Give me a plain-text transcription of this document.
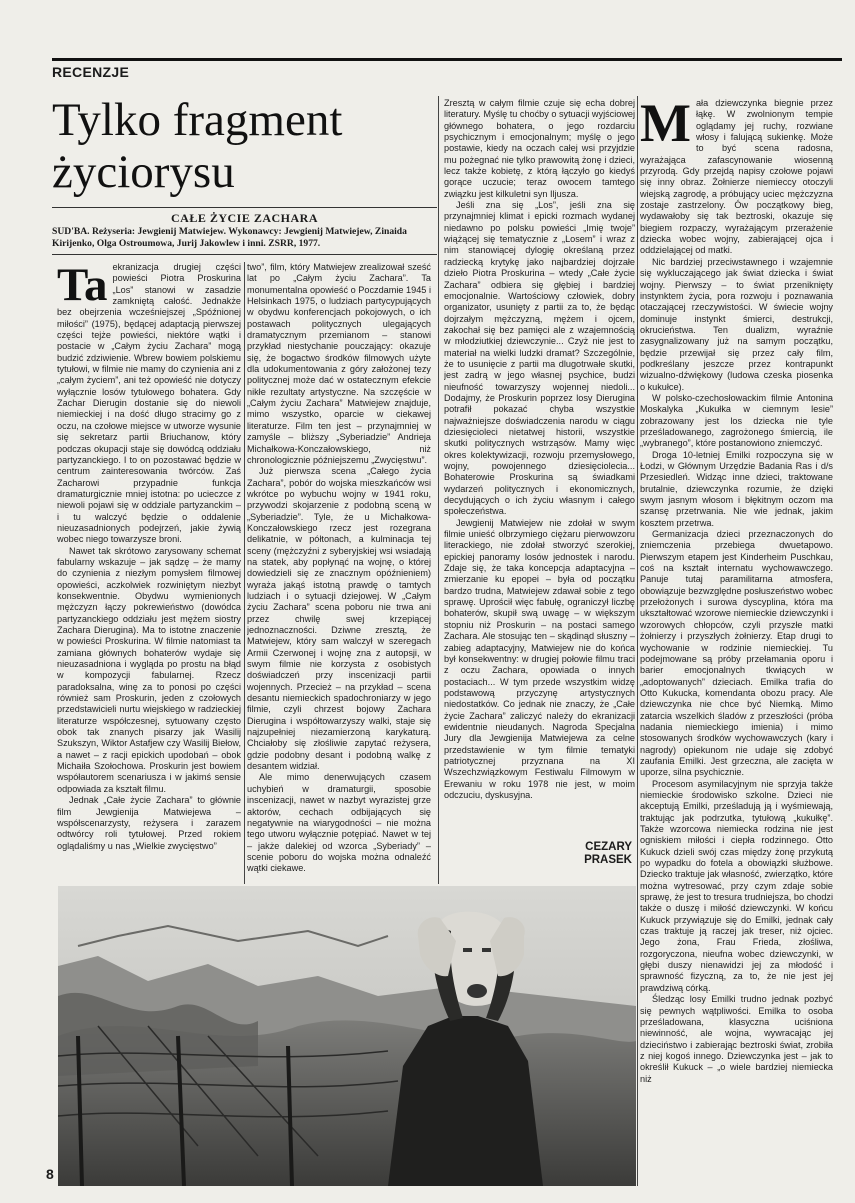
RECENZJE
Tylko fragment
życiorysu
CAŁE ŻYCIE ZACHARA
SUD'BA. Reżyseria: Jewgienij Matwiejew. Wykonawcy: Jewgienij Matwiejew, Zinaida Kirijenko, Olga Ostroumowa, Jurij Jakowlew i inni. ZSRR, 1977.
Ta ekranizacja drugiej części powieści Piotra Proskurina „Los” stanowi w zasadzie zamkniętą całość. Jednakże bez obejrzenia wcześniejszej „Spóźnionej miłości” (1975), będącej adaptacją pierwszej części tejże powieści, niektóre wątki i postacie w „Całym życiu Zachara” mogą budzić zdziwienie. Wbrew bowiem polskiemu tytułowi, w filmie nie mamy do czynienia ani z „całym życiem”, ani też opowieść nie dotyczy wyłącznie losów tytułowego bohatera. Gdy Zachar Dierugin dostanie się do niewoli niemieckiej i na dość długo stracimy go z oczu, na czołowe miejsce w utworze wysunie się sekretarz partii Briuchanow, który podczas okupacji staje się dowódcą oddziału partyzanckiego. I to on pozostawać będzie w centrum zainteresowania twórców. Zaś Zacharowi przypadnie funkcja dramaturgicznie mniej istotna: po ucieczce z niewoli pojawi się w oddziale partyzanckim – i tu walczyć będzie o oddalenie nieuzasadnionych podejrzeń, jakie żywią wobec niego towarzysze broni.

Nawet tak skrótowo zarysowany schemat fabularny wskazuje – jak sądzę – że mamy do czynienia z niezłym pomysłem filmowej opowieści, aczkolwiek rozwiniętym niezbyt konsekwentnie. Obydwu wymienionych mężczyzn łączy pokrewieństwo (dowódca partyzanckiego oddziału jest mężem siostry Zachara Dierugina). Ma to istotne znaczenie w powieści Proskurina. W filmie natomiast ta zamiana głównych bohaterów wydaje się nieuzasadniona i wygląda po prostu na błąd w kompozycji fabularnej. Rzecz paradoksalna, winę za to ponosi po części również sam Proskurin, jeden z czołowych przedstawicieli nurtu wiejskiego w radzieckiej literaturze współczesnej, sytuowany często obok tak znanych pisarzy jak Wasilij Szukszyn, Wiktor Astafjew czy Wasilij Biełow, a nawet – z racji epickich upodobań – obok Michaiła Szołochowa. Proskurin jest bowiem współautorem scenariusza i w jakimś sensie odpowiada za kształt filmu.

Jednak „Całe życie Zachara” to głównie film Jewgienija Matwiejewa – współscenarzysty, reżysera i zarazem odtwórcy roli tytułowej. Przed rokiem oglądaliśmy u nas „Wielkie zwycięstwo”

two”, film, który Matwiejew zrealizował sześć lat po „Całym życiu Zachara”. Ta monumentalna opowieść o Poczdamie 1945 i Helsinkach 1975, o ludziach partycypujących w obydwu konferencjach pokojowych, o ich postawach politycznych ulegających dramatycznym przemianom – stanowi przykład niestychanie pouczający: okazuje się, że bogactwo środków filmowych użyte dla udokumentowania z góry założonej tezy politycznej może dać w ostatecznym efekcie nikłe rezultaty artystyczne. Na szczęście w „Całym życiu Zachara” Matwiejew znajduje, mimo wszystko, oparcie w ciekawej literaturze. Film ten jest – przynajmniej w zamyśle – bliższy „Syberiadzie” Andrieja Michałkowa-Konczałowskiego, niż chronologicznie późniejszemu „Zwycięstwu”.

Już pierwsza scena „Całego życia Zachara”, pobór do wojska mieszkańców wsi wkrótce po wybuchu wojny w 1941 roku, przywodzi skojarzenie z podobną sceną w „Syberiadzie”. Tyle, że u Michałkowa-Konczałowskiego rzecz jest rozegrana delikatnie, w półtonach, a kulminacja tej sceny (mężczyźni z syberyjskiej wsi wsiadają na statek, aby popłynąć na wojnę, o której dowiedzieli się ze znacznym opóźnieniem) wyraża jakąś istotną prawdę o tamtych ludziach i o sytuacji dziejowej. W „Całym życiu Zachara” scena poboru nie trwa ani przez chwilę swej krzepiącej jednoznaczności. Dziwne zresztą, że Matwiejew, który sam walczył w szeregach Armii Czerwonej i wojnę zna z autopsji, w swym filmie nie korzysta z osobistych doświadczeń przy inscenizacji partii wojennych. Przecież – na przykład – scena desantu niemieckich spadochroniarzy w jego filmie, czyli chrzest bojowy Zachara Dierugina i współtowarzyszy walki, staje się najzupełniej niezamierzoną karykaturą. Chciałoby się złośliwie zapytać reżysera, gdzie podobny desant i podobną walkę z desantem widział.

Ale mimo denerwujących czasem uchybień w dramaturgii, sposobie inscenizacji, nawet w nazbyt wyrazistej grze aktorów, cechach odbijających się negatywnie na wiarygodności – nie można tego utworu wyłącznie potępiać. Nawet w tej – jakże dalekiej od wzorca „Syberiady” – scenie poboru do wojska można odnaleźć wątki ciekawe.

Zresztą w całym filmie czuje się echa dobrej literatury. Myślę tu choćby o sytuacji wyjściowej głównego bohatera, o jego rozdarciu psychicznym i emocjonalnym; myślę o jego postawie, kiedy na oczach całej wsi przyjdzie mu pożegnać nie tylko prawowitą żonę i dzieci, lecz także kobietę, z którą łączyło go kiedyś gorące uczucie; teraz owocem tamtego związku jest kilkuletni syn Iljusza.

Jeśli zna się „Los”, jeśli zna się przynajmniej klimat i epicki rozmach wydanej niedawno po polsku powieści „Imię twoje” wiążącej się tematycznie z „Losem” i wraz z nim stanowiącej dylogię określaną przez radziecką krytykę jako najbardziej dojrzałe dzieło Piotra Proskurina – wtedy „Całe życie Zachara” odbiera się głębiej i bardziej emocjonalnie. Wartościowy człowiek, dobry organizator, usunięty z partii za to, że będąc dojrzałym mężczyzną, mężem i ojcem, zakochał się bez pamięci ale z wzajemnością w młodziutkiej dziewczynie... Czyż nie jest to materiał na wielki ludzki dramat? Szczególnie, że to usunięcie z partii ma dlugotrwałe skutki, jest zadrą w jego własnej psychice, budzi nieufność towarzyszy wojennej niedoli... Dodajmy, że Proskurin poprzez losy Dierugina potrafił pokazać chyba wszystkie najważniejsze doświadczenia narodu w ciągu dziesięcioleci nietatwej historii, wszystkie skutki politycznych wstrząsów. Mamy więc okres kolektywizacji, rozwoju przemysłowego, wojny, powojennego dziesięciolecia... Bohaterowie Proskurina są świadkami wydarzeń politycznych i ekonomicznych, decydujących o ich życiu własnym i całego społeczeństwa.

Jewgienij Matwiejew nie zdołał w swym filmie unieść olbrzymiego ciężaru pierwowzoru literackiego, nie zdołał stworzyć szerokiej, epickiej panoramy losów jednostek i narodu. Zdaje się, że taka koncepcja adaptacyjna – zmierzanie ku epopei – była od początku bardzo trudna, Matwiejew zdawał sobie z tego sprawę. Uprościł więc fabułę, ograniczył liczbę bohaterów, skupił swą uwagę – w większym stopniu niż Proskurin – na postaci samego Zachara. Ale stosując ten – skądinąd słuszny – zabieg adaptacyjny, Matwiejew nie do końca był konsekwentny: w drugiej połowie filmu traci z oczu Zachara, opowiada o innych postaciach... W tym przede wszystkim widzę podstawową przyczynę artystycznych niedostatków. Co jednak nie znaczy, że „Całe życie Zachara” zaliczyć należy do ekranizacji ewidentnie nieudanych. Nagroda Specjalna Jury dla Jewgienija Matwiejewa za celne przedstawienie w tym filmie tematyki patriotycznej przyznana na XI Wszechzwiązkowym Festiwalu Filmowym w Erewaniu w roku 1978 nie jest, w moim odczuciu, dyskusyjna.

CEZARY
PRASEK
M ała dziewczynka biegnie przez łąkę. W zwolnionym tempie oglądamy jej ruchy, rozwiane włosy i falującą sukienkę. Może to być scena radosna, wyrażająca zafascynowanie wiosenną przyrodą. Gdy przejdą napisy czołowe pojawi się inny obraz. Żołnierze niemieccy otoczyli wiejską zagrodę, a próbujący uciec mężczyzna zostaje zastrzelony. Ów początkowy bieg, wydawałoby się tak beztroski, okazuje się biegiem rozpaczy, wyrażającym przerażenie dziecka wobec wojny, zabierającej ojca i oddzielającej od matki.

Nic bardziej przeciwstawnego i wzajemnie się wykluczającego jak świat dziecka i świat wojny. Pierwszy – to świat przeniknięty instynktem życia, pora rozwoju i poznawania otaczającej rzeczywistości. W świecie wojny dominuje instynkt śmierci, destrukcji, okrucieństwa. Ten dualizm, wyraźnie zasygnalizowany już na samym początku, będzie przewijał się przez cały film, podkreślany jeszcze przez kontrapunkt wizualno-dźwiękowy (ludowa czeska piosenka o kukułce).

W polsko-czechosłowackim filmie Antonina Moskalyka „Kukułka w ciemnym lesie” zobrazowany jest los dziecka nie tyle prześladowanego, zagrożonego śmiercią, ile „wybranego”, które postanowiono zniemczyć.

Droga 10-letniej Emilki rozpoczyna się w Łodzi, w Głównym Urzędzie Badania Ras i d/s Przesiedleń. Widząc inne dzieci, traktowane brutalnie, dziewczynka rozumie, że dzięki swym jasnym włosom i błękitnym oczom ma szansę przetrwania. Nie wie jednak, jakim kosztem przetrwa.

Germanizacja dzieci przeznaczonych do zniemczenia przebiega dwuetapowo. Pierwszym etapem jest Kinderheim Puschkau, coś na kształt internatu wychowawczego. Panuje tutaj paramilitarna atmosfera, obowiązuje bezwzględne posłuszeństwo wobec przełożonych i surowa dyscyplina, która ma ukształtować wzorowe niemieckie dziewczynki i wzorowych chłopców, czyli przyszłe matki żołnierzy i przyszłych żołnierzy. Etap drugi to wychowanie w rodzinie niemieckiej. Tu podejmowane są próby przełamania oporu i barier emocjonalnych tkwiących w „adoptowanych” dzieciach. Emilka trafia do Otto Kukucka, komendanta obozu pracy. Ale dziewczynka nie chce być Niemką. Mimo zatarcia wszelkich śladów z przeszłości (próba nadania niemieckiego imienia) i mimo stosowanych środków wychowawczych (kary i nagrody) opiekunom nie udaje się zdobyć zaufania Emilki. Jest grzeczna, ale zacięta w uporze, silna psychicznie.

Procesom asymilacyjnym nie sprzyja także niemieckie środowisko szkolne. Dzieci nie akceptują Emilki, prześladują ją i wyśmiewają, traktując jak podrzutka, tytułową „kukułkę”. Także wzorcowa niemiecka rodzina nie jest ogniskiem miłości i ciepła rodzinnego. Otto Kukuck dzieli swój czas między żonę przykutą po wypadku do fotela a obowiązki służbowe. Dziecko traktuje jak własność, zwierzątko, które można wytresować, przy czym zdaje sobie sprawę, że jest to tresura trudniejsza, bo chodzi także o duszę i miłość dziewczynki. W końcu Kukuck przywiązuje się do Emilki, jednak cały czas traktuje ją raczej jak treser, niż ojciec. Jego żona, Frau Frieda, złośliwa, rozgoryczona, nieufna wobec dziewczynki, w głębi duszy nienawidzi jej za młodość i sprawność fizyczną, za to, że nie jest jej prawdziwą córką.

Śledząc losy Emilki trudno jednak pozbyć się pewnych wątpliwości. Emilka to osoba prześladowana, klasyczna uciśniona niewinność, ale wojna, wywracając jej dzieciństwo i zabierając beztroski świat, zrobiła z niej kogoś innego. Dziewczynka jest – jak to określił Kukuck – „o wiele bardziej niemiecka niż

8
